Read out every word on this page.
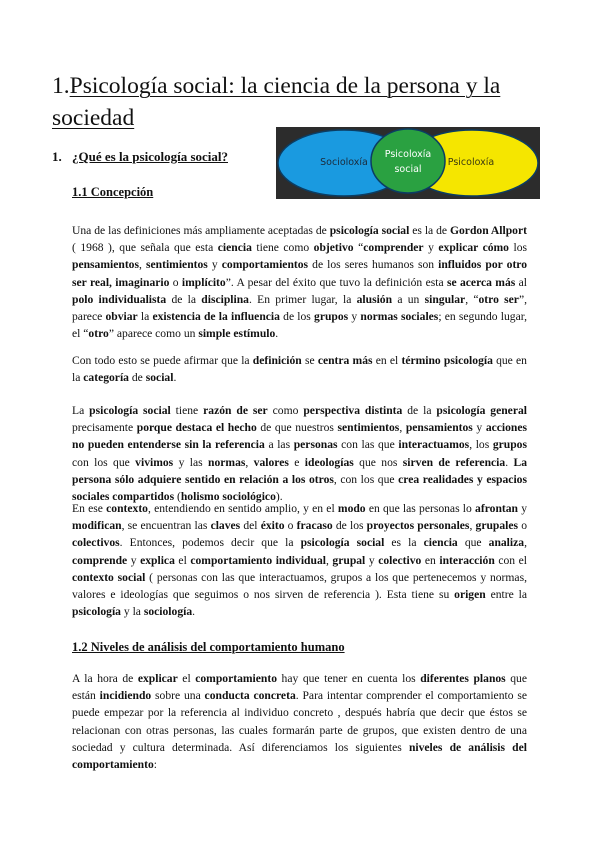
1.Psicología social: la ciencia de la persona y la
sociedad
Socioloxía
Psicoloxía
social
Psicoloxía
1. ¿Qué es la psicología social?
1.1 Concepción

Una de las definiciones más ampliamente aceptadas de psicología social es la de Gordon Allport ( 1968 ), que señala que esta ciencia tiene como objetivo “comprender y explicar cómo los pensamientos, sentimientos y comportamientos de los seres humanos son influidos por otro ser real, imaginario o implícito”. A pesar del éxito que tuvo la definición esta se acerca más al polo individualista de la disciplina. En primer lugar, la alusión a un singular, “otro ser”, parece obviar la existencia de la influencia de los grupos y normas sociales; en segundo lugar, el “otro” aparece como un simple estímulo.

Con todo esto se puede afirmar que la definición se centra más en el término psicología que en la categoría de social.

La psicología social tiene razón de ser como perspectiva distinta de la psicología general precisamente porque destaca el hecho de que nuestros sentimientos, pensamientos y acciones no pueden entenderse sin la referencia a las personas con las que interactuamos, los grupos con los que vivimos y las normas, valores e ideologías que nos sirven de referencia. La persona sólo adquiere sentido en relación a los otros, con los que crea realidades y espacios sociales compartidos (holismo sociológico).

En ese contexto, entendiendo en sentido amplio, y en el modo en que las personas lo afrontan y modifican, se encuentran las claves del éxito o fracaso de los proyectos personales, grupales o colectivos. Entonces, podemos decir que la psicología social es la ciencia que analiza, comprende y explica el comportamiento individual, grupal y colectivo en interacción con el contexto social ( personas con las que interactuamos, grupos a los que pertenecemos y normas, valores e ideologías que seguimos o nos sirven de referencia ). Esta tiene su origen entre la psicología y la sociología.

1.2 Niveles de análisis del comportamiento humano

A la hora de explicar el comportamiento hay que tener en cuenta los diferentes planos que están incidiendo sobre una conducta concreta. Para intentar comprender el comportamiento se puede empezar por la referencia al individuo concreto , después habría que decir que éstos se relacionan con otras personas, las cuales formarán parte de grupos, que existen dentro de una sociedad y cultura determinada. Así diferenciamos los siguientes niveles de análisis del comportamiento:
